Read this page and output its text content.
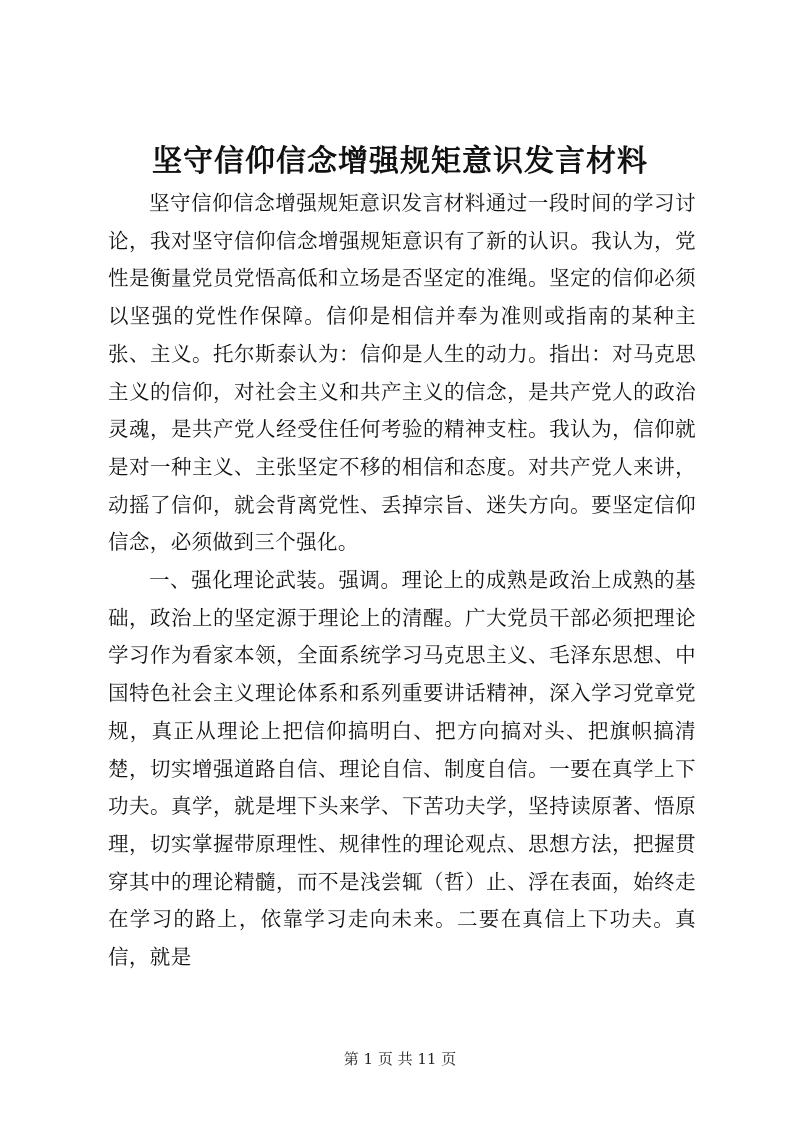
坚守信仰信念增强规矩意识发言材料

坚守信仰信念增强规矩意识发言材料通过一段时间的学习讨论，我对坚守信仰信念增强规矩意识有了新的认识。我认为，党性是衡量党员党悟高低和立场是否坚定的准绳。坚定的信仰必须以坚强的党性作保障。信仰是相信并奉为准则或指南的某种主张、主义。托尔斯泰认为：信仰是人生的动力。指出：对马克思主义的信仰，对社会主义和共产主义的信念，是共产党人的政治灵魂，是共产党人经受住任何考验的精神支柱。我认为，信仰就是对一种主义、主张坚定不移的相信和态度。对共产党人来讲，动摇了信仰，就会背离党性、丢掉宗旨、迷失方向。要坚定信仰信念，必须做到三个强化。

一、强化理论武装。强调。理论上的成熟是政治上成熟的基础，政治上的坚定源于理论上的清醒。广大党员干部必须把理论学习作为看家本领，全面系统学习马克思主义、毛泽东思想、中国特色社会主义理论体系和系列重要讲话精神，深入学习党章党规，真正从理论上把信仰搞明白、把方向搞对头、把旗帜搞清楚，切实增强道路自信、理论自信、制度自信。一要在真学上下功夫。真学，就是埋下头来学、下苦功夫学，坚持读原著、悟原理，切实掌握带原理性、规律性的理论观点、思想方法，把握贯穿其中的理论精髓，而不是浅尝辄（哲）止、浮在表面，始终走在学习的路上，依靠学习走向未来。二要在真信上下功夫。真信，就是

第 1 页 共 11 页
